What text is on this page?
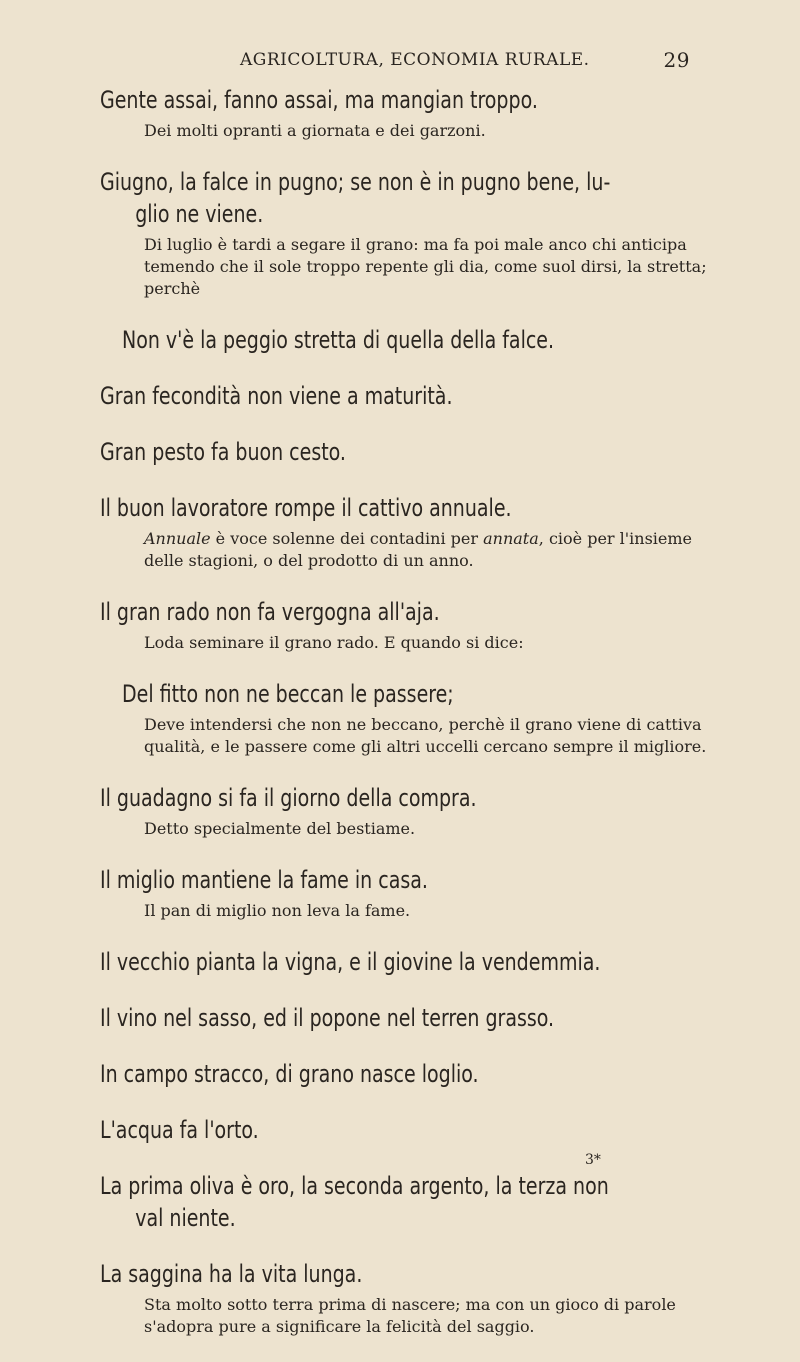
AGRICOLTURA, ECONOMIA RURALE.	29

Gente assai, fanno assai, ma mangian troppo.

Dei molti opranti a giornata e dei garzoni.

Giugno, la falce in pugno; se non è in pugno bene, lu-
glio ne viene.

Di luglio è tardi a segare il grano: ma fa poi male anco chi anticipa
temendo che il sole troppo repente gli dia, come suol dirsi, la stretta;
perchè

Non v'è la peggio stretta di quella della falce.

Gran fecondità non viene a maturità.

Gran pesto fa buon cesto.

Il buon lavoratore rompe il cattivo annuale.

Annuale è voce solenne dei contadini per annata, cioè per l'insieme
delle stagioni, o del prodotto di un anno.

Il gran rado non fa vergogna all'aja.

Loda seminare il grano rado. E quando si dice:

Del fitto non ne beccan le passere;

Deve intendersi che non ne beccano, perchè il grano viene di cattiva
qualità, e le passere come gli altri uccelli cercano sempre il migliore.

Il guadagno si fa il giorno della compra.

Detto specialmente del bestiame.

Il miglio mantiene la fame in casa.

Il pan di miglio non leva la fame.

Il vecchio pianta la vigna, e il giovine la vendemmia.

Il vino nel sasso, ed il popone nel terren grasso.

In campo stracco, di grano nasce loglio.

L'acqua fa l'orto.

La prima oliva è oro, la seconda argento, la terza non
val niente.

La saggina ha la vita lunga.

Sta molto sotto terra prima di nascere; ma con un gioco di parole
s'adopra pure a significare la felicità del saggio.

3*
